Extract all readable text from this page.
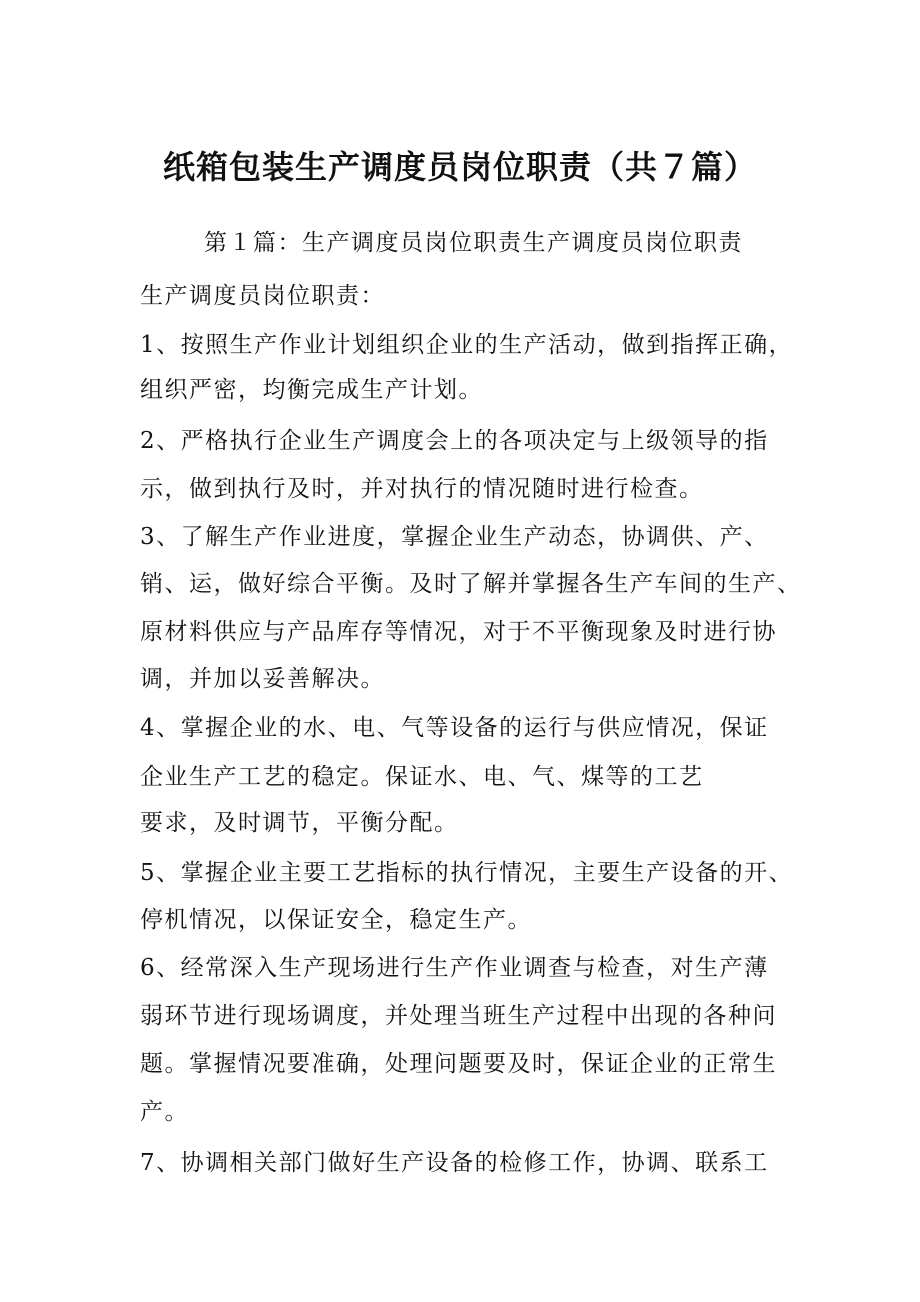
纸箱包装生产调度员岗位职责（共７篇）
第１篇：生产调度员岗位职责生产调度员岗位职责
生产调度员岗位职责：
1、按照生产作业计划组织企业的生产活动，做到指挥正确，
组织严密，均衡完成生产计划。
2、严格执行企业生产调度会上的各项决定与上级领导的指
示，做到执行及时，并对执行的情况随时进行检查。
3、了解生产作业进度，掌握企业生产动态，协调供、产、
销、运，做好综合平衡。及时了解并掌握各生产车间的生产、
原材料供应与产品库存等情况，对于不平衡现象及时进行协
调，并加以妥善解决。
4、掌握企业的水、电、气等设备的运行与供应情况，保证
企业生产工艺的稳定。保证水、电、气、煤等的工艺
要求，及时调节，平衡分配。
5、掌握企业主要工艺指标的执行情况，主要生产设备的开、
停机情况，以保证安全，稳定生产。
6、经常深入生产现场进行生产作业调查与检查，对生产薄
弱环节进行现场调度，并处理当班生产过程中出现的各种问
题。掌握情况要准确，处理问题要及时，保证企业的正常生
产。
7、协调相关部门做好生产设备的检修工作，协调、联系工
